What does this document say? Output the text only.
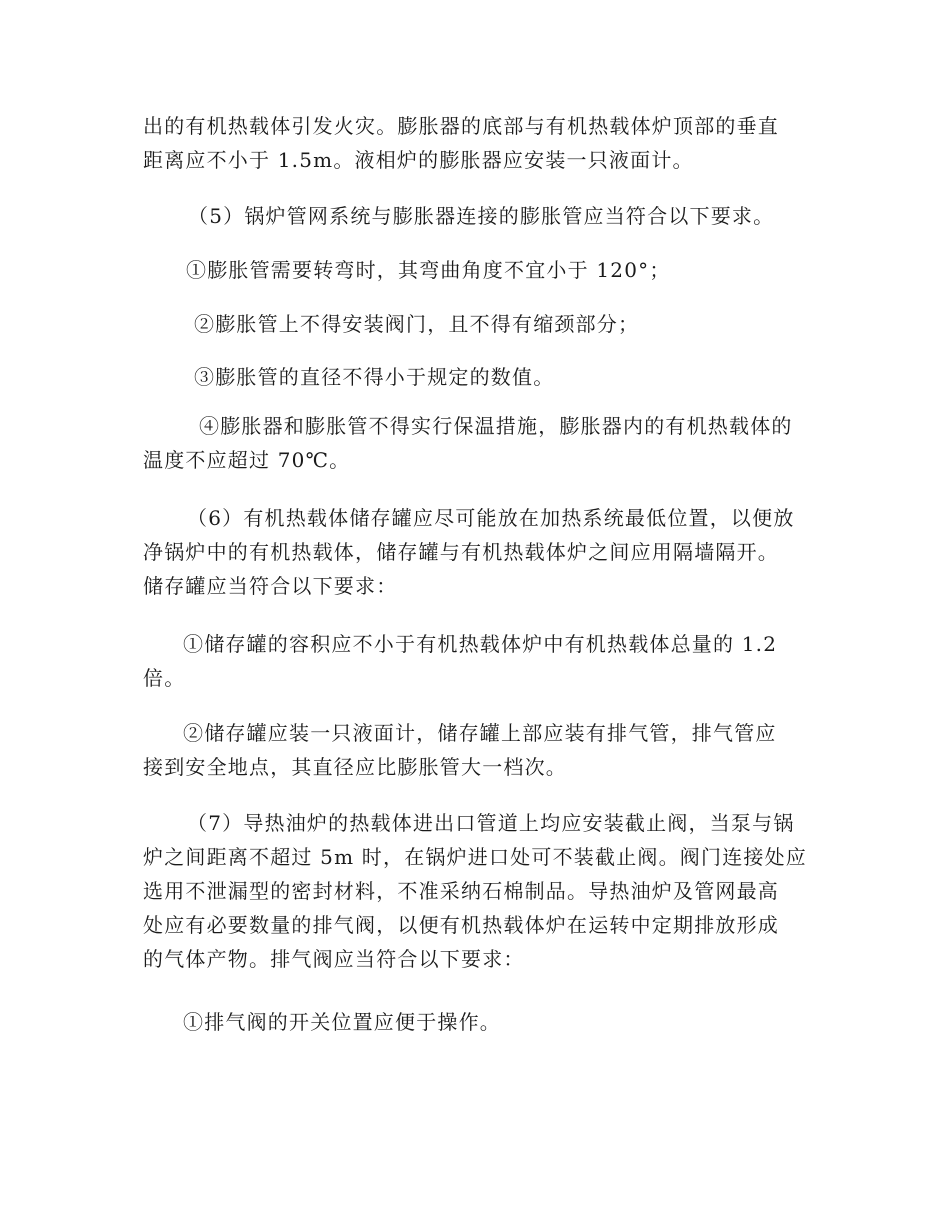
出的有机热载体引发火灾。膨胀器的底部与有机热载体炉顶部的垂直
距离应不小于 1.5m。液相炉的膨胀器应安装一只液面计。
（5）锅炉管网系统与膨胀器连接的膨胀管应当符合以下要求。
①膨胀管需要转弯时，其弯曲角度不宜小于 120°；
②膨胀管上不得安装阀门，且不得有缩颈部分；
③膨胀管的直径不得小于规定的数值。
④膨胀器和膨胀管不得实行保温措施，膨胀器内的有机热载体的
温度不应超过 70℃。
（6）有机热载体储存罐应尽可能放在加热系统最低位置，以便放
净锅炉中的有机热载体，储存罐与有机热载体炉之间应用隔墙隔开。
储存罐应当符合以下要求：
①储存罐的容积应不小于有机热载体炉中有机热载体总量的 1.2
倍。
②储存罐应装一只液面计，储存罐上部应装有排气管，排气管应
接到安全地点，其直径应比膨胀管大一档次。
（7）导热油炉的热载体进出口管道上均应安装截止阀，当泵与锅
炉之间距离不超过 5m 时，在锅炉进口处可不装截止阀。阀门连接处应
选用不泄漏型的密封材料，不准采纳石棉制品。导热油炉及管网最高
处应有必要数量的排气阀，以便有机热载体炉在运转中定期排放形成
的气体产物。排气阀应当符合以下要求：
①排气阀的开关位置应便于操作。
